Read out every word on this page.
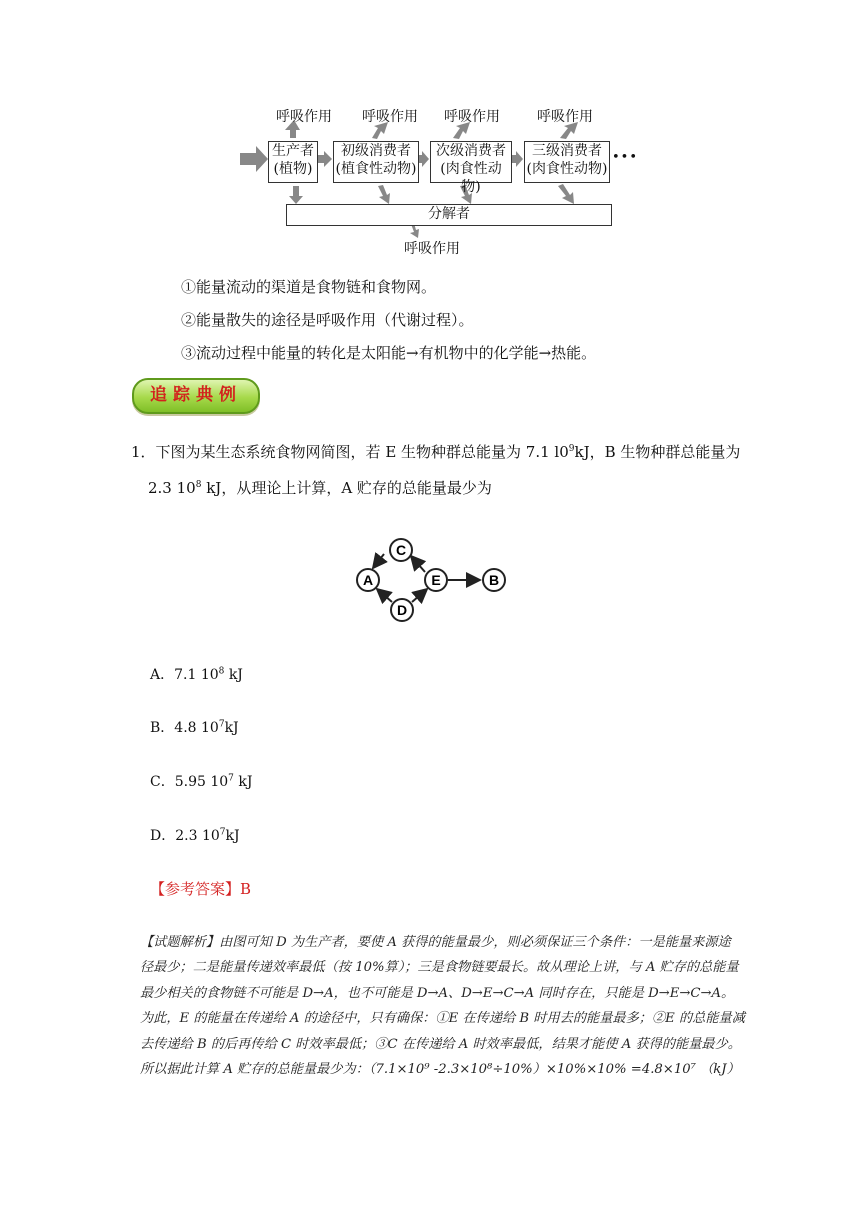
呼吸作用 呼吸作用 呼吸作用	呼吸作用
生产者
(植物)
初级消费者
(植食性动物)
次级消费者
(肉食性动物)
三级消费者
(肉食性动物)
•••
分解者
呼吸作用
①能量流动的渠道是食物链和食物网。
②能量散失的途径是呼吸作用（代谢过程）。
③流动过程中能量的转化是太阳能→有机物中的化学能→热能。
追踪典例
1．下图为某生态系统食物网简图，若 E 生物种群总能量为 7.1 $l0^9kJ$，B 生物种群总能量为
2.3 $10^8$ kJ，从理论上计算，A 贮存的总能量最少为
C
A	E	B
D
A．7.1 $10^8$ kJ
B．4.8 $10^7kJ$
C．5.95 $10^7$ kJ
D．2.3 $10^7kJ$
【参考答案】B

【试题解析】由图可知 D 为生产者，要使 A 获得的能量最少，则必须保证三个条件：一是能量来源途

径最少；二是能量传递效率最低（按 10%算）；三是食物链要最长。故从理论上讲，与 A 贮存的总能量

最少相关的食物链不可能是 D→A，也不可能是 D→A、D→E→C→A 同时存在，只能是 D→E→C→A。

为此，E 的能量在传递给 A 的途径中，只有确保：①E 在传递给 B 时用去的能量最多；②E 的总能量减

去传递给 B 的后再传给 C 时效率最低；③C 在传递给 A 时效率最低，结果才能使 A 获得的能量最少。

所以据此计算 A 贮存的总能量最少为：（7.1×10⁹ -2.3×10⁸÷10%）×10%×10% =4.8×10⁷ （kJ）
